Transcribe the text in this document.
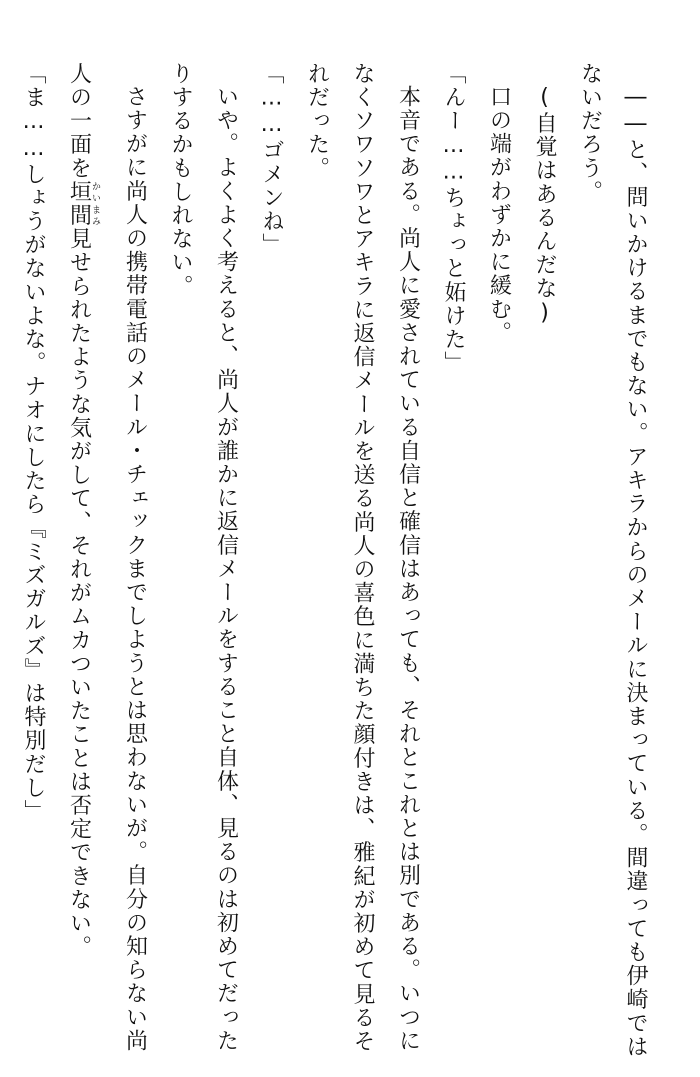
――と、問いかけるまでもない。アキラからのメールに決まっている。間違っても伊崎では

ないだろう。

(自覚はあるんだな)

口の端がわずかに緩む。

「んー……ちょっと妬けた」

本音である。尚人に愛されている自信と確信はあっても、それとこれとは別である。いつに

なくソワソワとアキラに返信メールを送る尚人の喜色に満ちた顔付きは、雅紀が初めて見るそ

れだった。

「……ゴメンね」

いや。よくよく考えると、尚人が誰かに返信メールをすること自体、見るのは初めてだった

りするかもしれない。

さすがに尚人の携帯電話のメール・チェックまでしようとは思わないが。自分の知らない尚

人の一面を垣間かいまみ見せられたような気がして、それがムカついたことは否定できない。

「ま……しょうがないよな。ナオにしたら『ミズガルズ』は特別だし」
